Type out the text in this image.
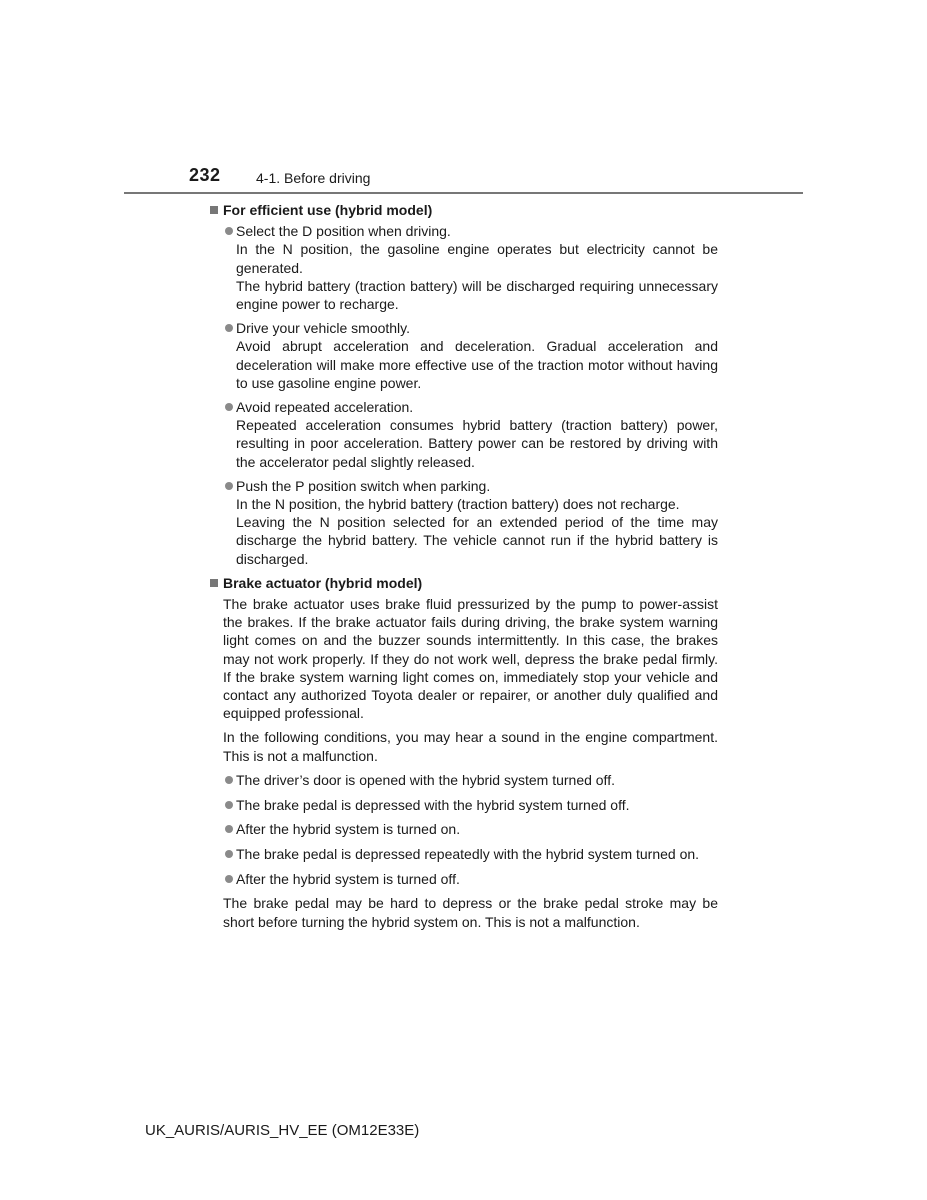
232	4-1. Before driving
For efficient use (hybrid model)
Select the D position when driving.
In the N position, the gasoline engine operates but electricity cannot be generated.
The hybrid battery (traction battery) will be discharged requiring unnecessary engine power to recharge.
Drive your vehicle smoothly.
Avoid abrupt acceleration and deceleration. Gradual acceleration and deceleration will make more effective use of the traction motor without having to use gasoline engine power.
Avoid repeated acceleration.
Repeated acceleration consumes hybrid battery (traction battery) power, resulting in poor acceleration. Battery power can be restored by driving with the accelerator pedal slightly released.
Push the P position switch when parking.
In the N position, the hybrid battery (traction battery) does not recharge.
Leaving the N position selected for an extended period of the time may discharge the hybrid battery. The vehicle cannot run if the hybrid battery is discharged.
Brake actuator (hybrid model)
The brake actuator uses brake fluid pressurized by the pump to power-assist the brakes. If the brake actuator fails during driving, the brake system warning light comes on and the buzzer sounds intermittently. In this case, the brakes may not work properly. If they do not work well, depress the brake pedal firmly. If the brake system warning light comes on, immediately stop your vehicle and contact any authorized Toyota dealer or repairer, or another duly qualified and equipped professional.
In the following conditions, you may hear a sound in the engine compartment. This is not a malfunction.
The driver’s door is opened with the hybrid system turned off.
The brake pedal is depressed with the hybrid system turned off.
After the hybrid system is turned on.
The brake pedal is depressed repeatedly with the hybrid system turned on.
After the hybrid system is turned off.
The brake pedal may be hard to depress or the brake pedal stroke may be short before turning the hybrid system on. This is not a malfunction.
UK_AURIS/AURIS_HV_EE (OM12E33E)
